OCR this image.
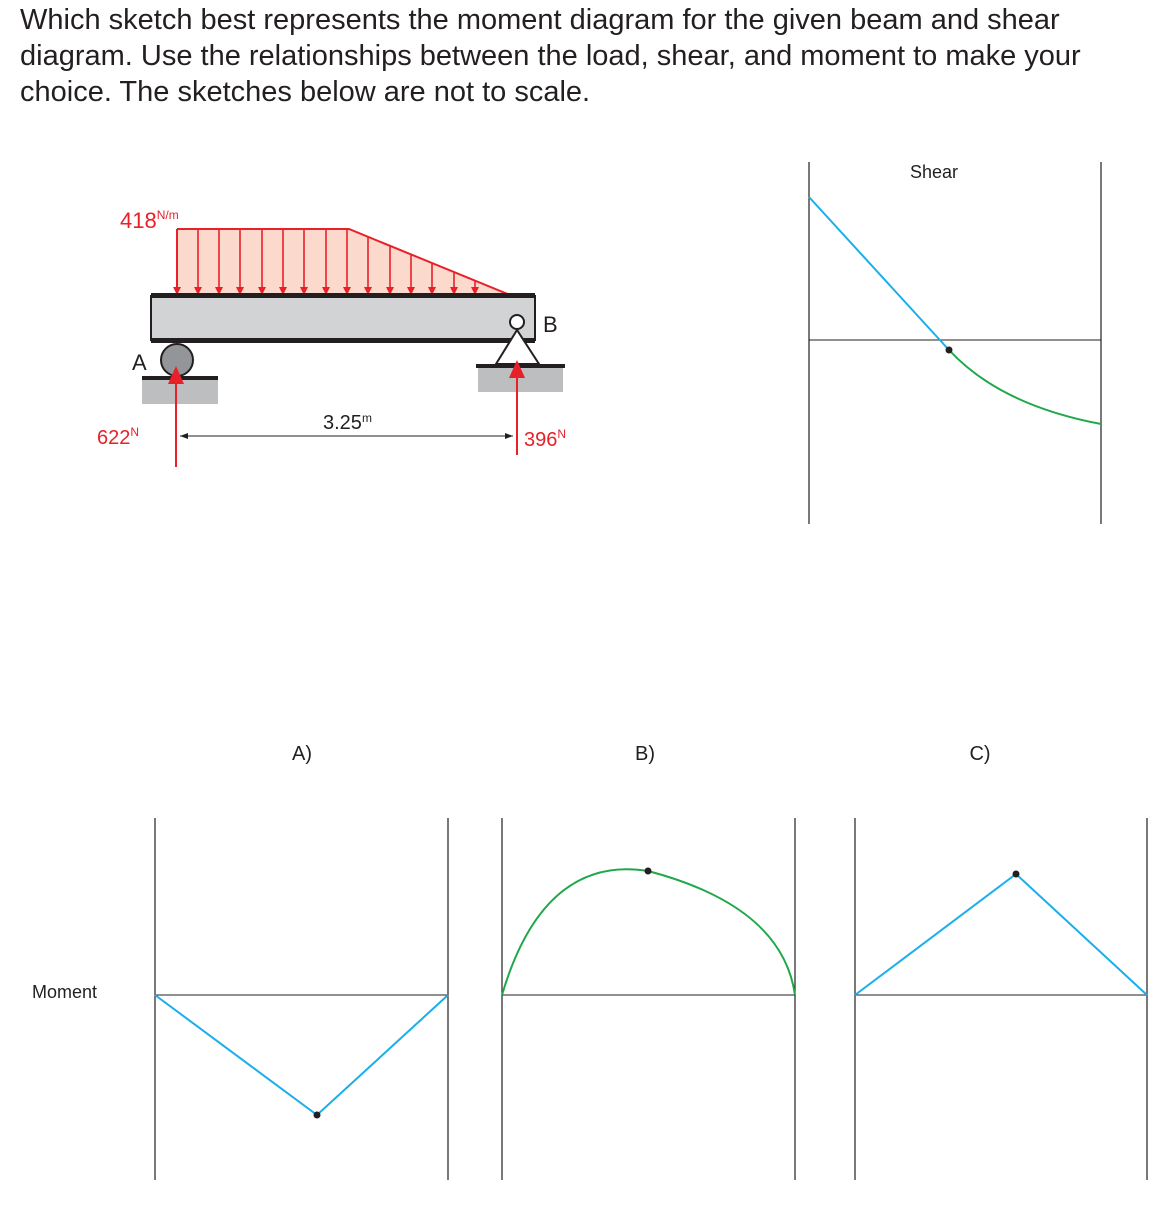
Which sketch best represents the moment diagram for the given beam and shear diagram. Use the relationships between the load, shear, and moment to make your choice. The sketches below are not to scale.

$418^{N/m}$
A
B
$622^N$	$396^N$
3.25$^m$
Shear
Moment
A)	B)	C)
